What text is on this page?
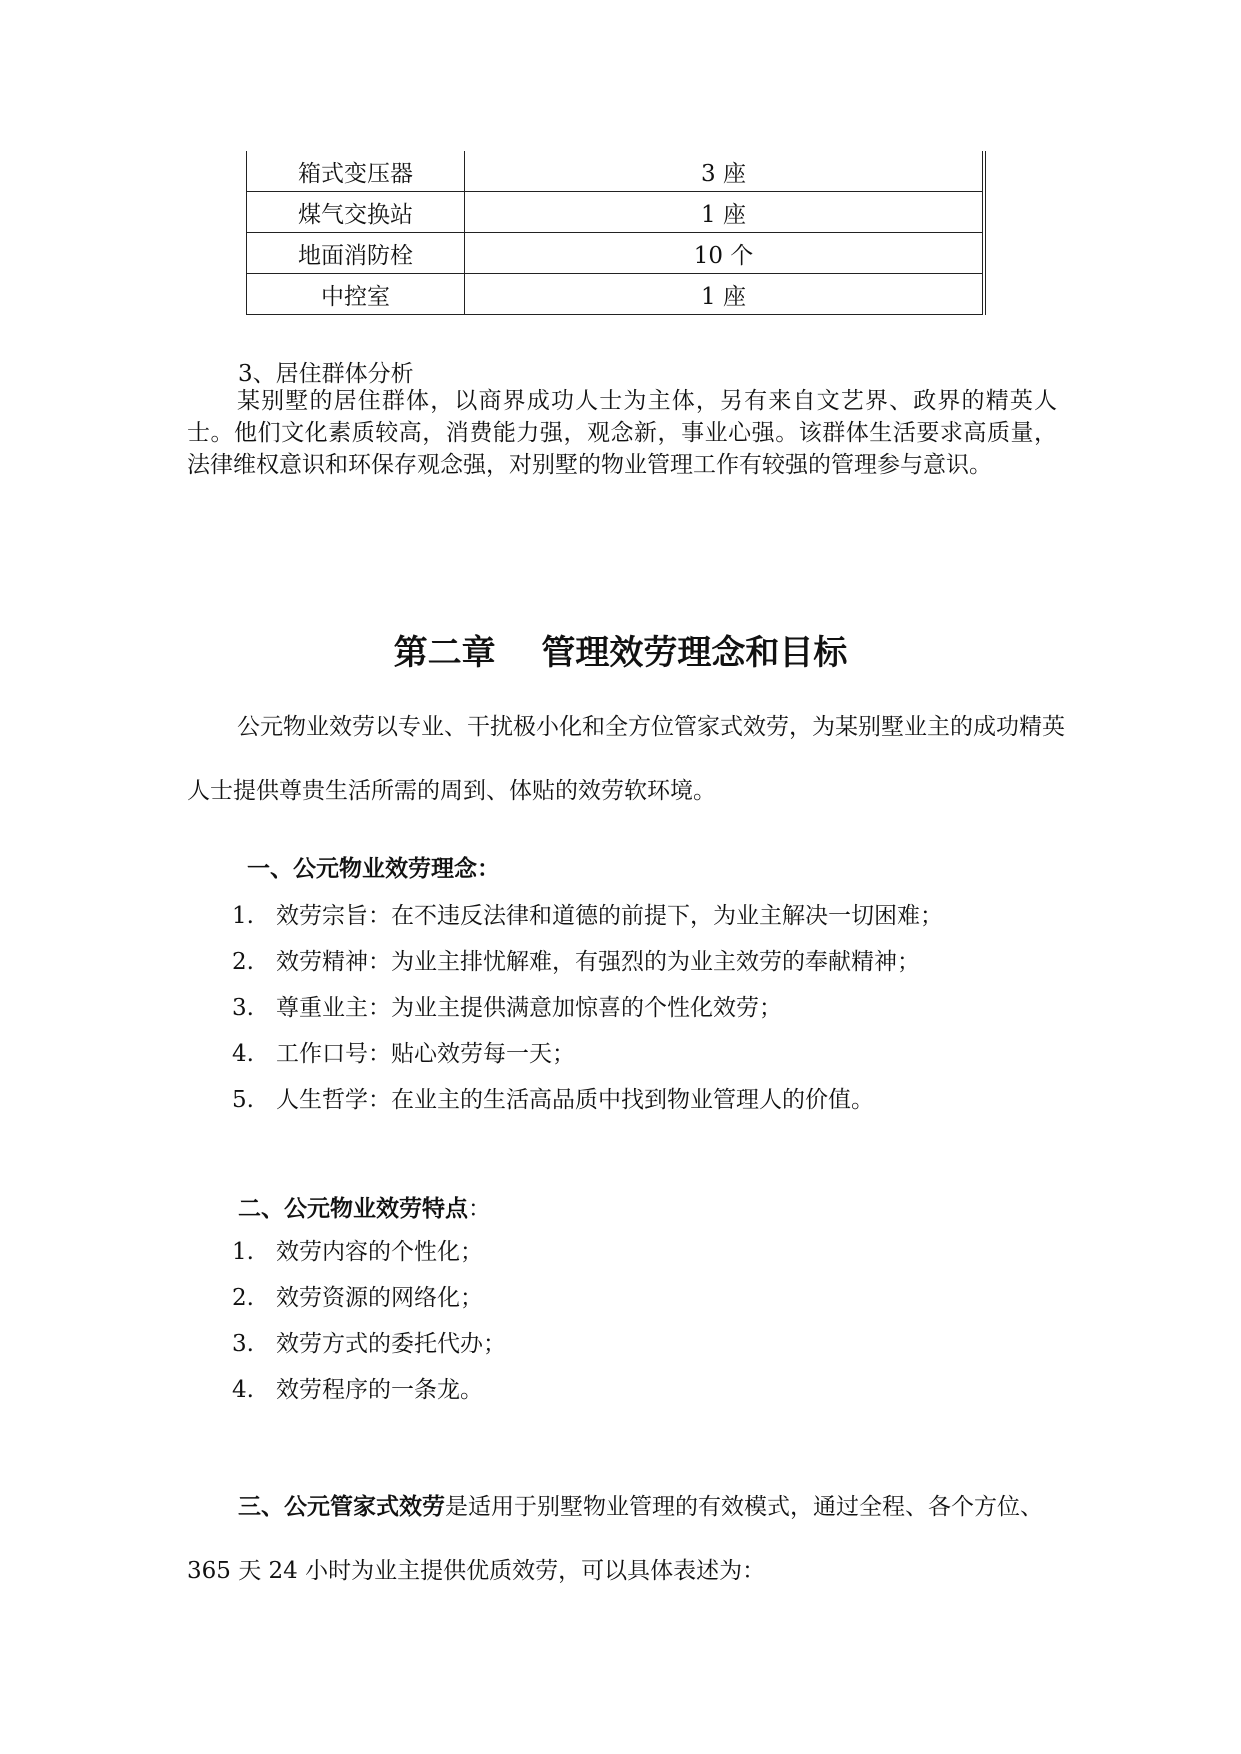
箱式变压器	3 座
煤气交换站	1 座
地面消防栓	10 个
中控室	1 座
3、居住群体分析
某别墅的居住群体，以商界成功人士为主体，另有来自文艺界、政界的精英人士。他们文化素质较高，消费能力强，观念新，事业心强。该群体生活要求高质量，法律维权意识和环保存观念强，对别墅的物业管理工作有较强的管理参与意识。
第二章　 管理效劳理念和目标
公元物业效劳以专业、干扰极小化和全方位管家式效劳，为某别墅业主的成功精英人士提供尊贵生活所需的周到、体贴的效劳软环境。
一、公元物业效劳理念：
1. 效劳宗旨：在不违反法律和道德的前提下，为业主解决一切困难；
2. 效劳精神：为业主排忧解难，有强烈的为业主效劳的奉献精神；
3. 尊重业主：为业主提供满意加惊喜的个性化效劳；
4. 工作口号：贴心效劳每一天；
5. 人生哲学：在业主的生活高品质中找到物业管理人的价值。
二、公元物业效劳特点：
1. 效劳内容的个性化；
2. 效劳资源的网络化；
3. 效劳方式的委托代办；
4. 效劳程序的一条龙。
三、公元管家式效劳是适用于别墅物业管理的有效模式，通过全程、各个方位、365 天 24 小时为业主提供优质效劳，可以具体表述为：
